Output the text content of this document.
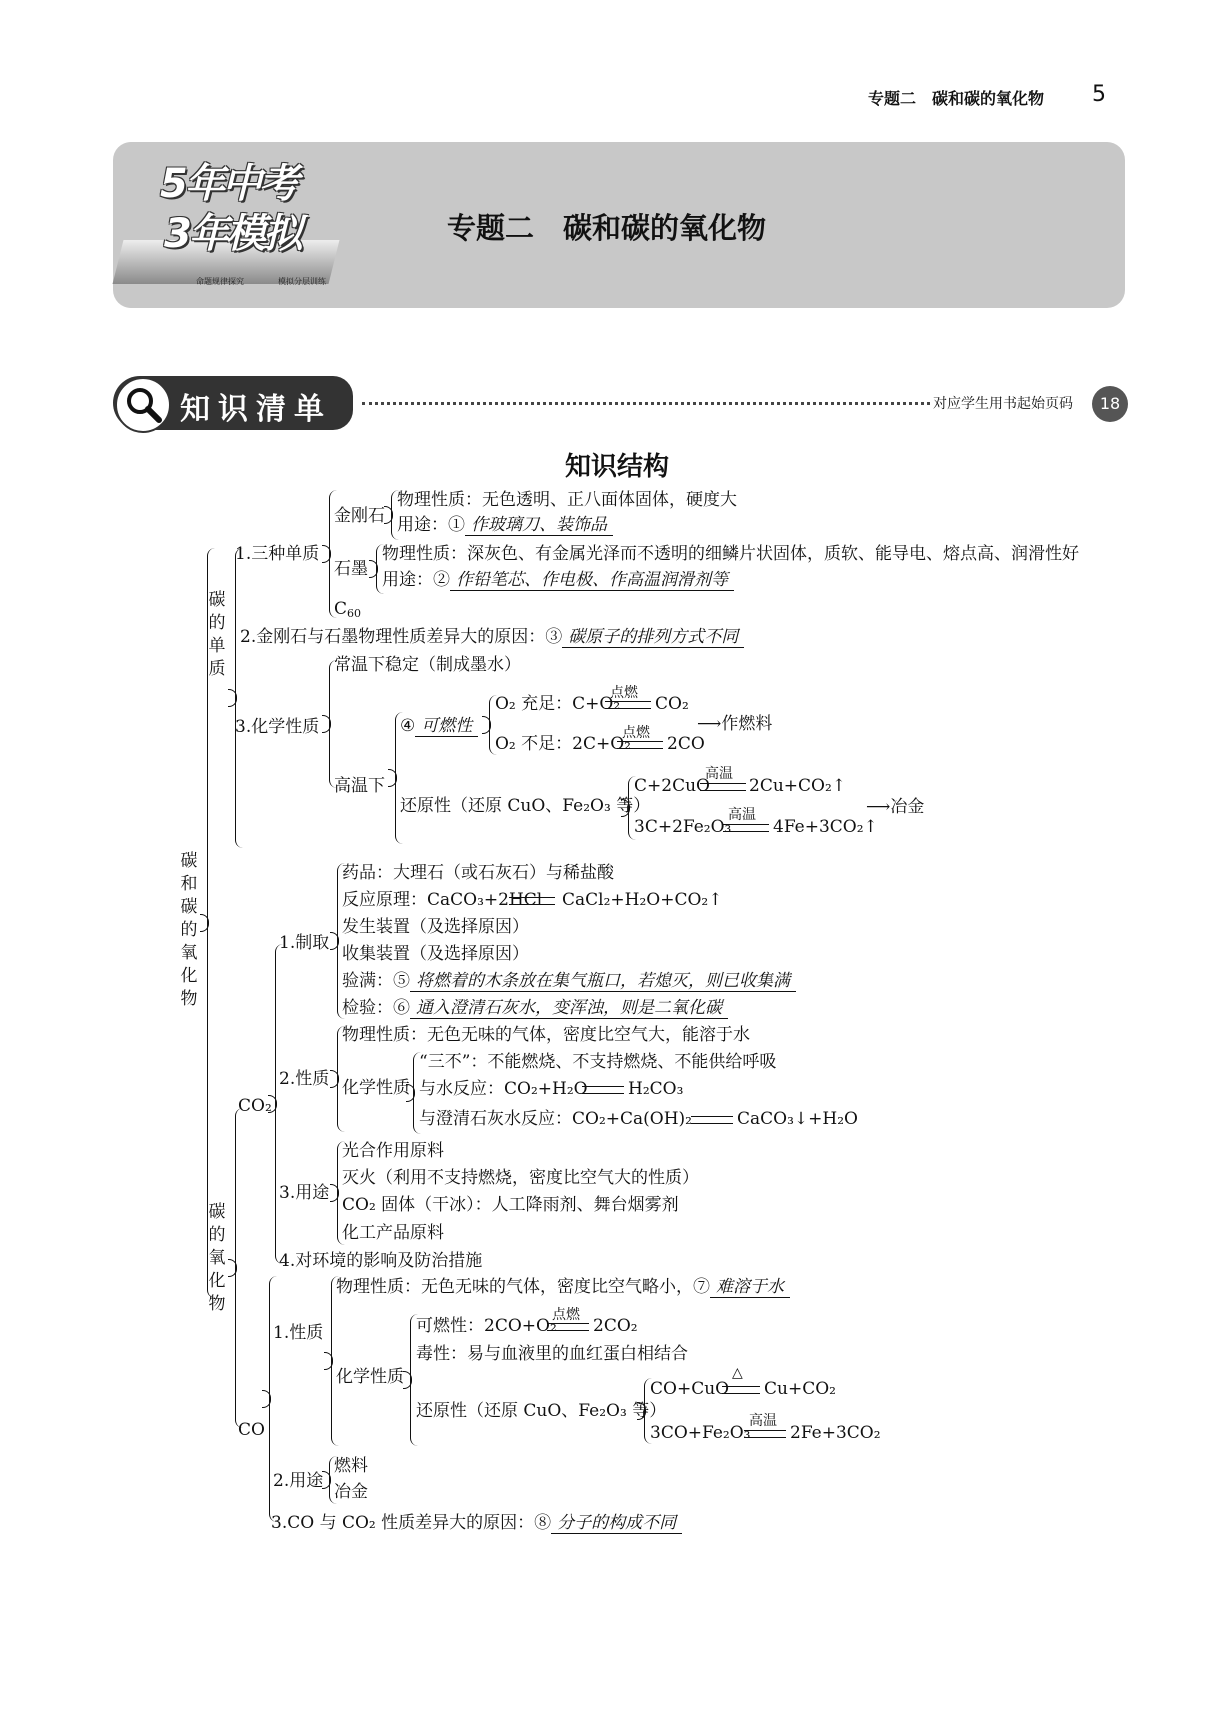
专题二　碳和碳的氧化物 5
5年中考
3年模拟
命题规律探究	模拟分层训练
专题二　碳和碳的氧化物
知识清单	对应学生用书起始页码	18
知识结构
碳和碳的氧化物
碳的单质
1.三种单质
金刚石
物理性质：无色透明、正八面体固体，硬度大
用途：① 作玻璃刀、装饰品
石墨
物理性质：深灰色、有金属光泽而不透明的细鳞片状固体，质软、能导电、熔点高、润滑性好
用途：② 作铅笔芯、作电极、作高温润滑剂等
$C_{60}$
2.金刚石与石墨物理性质差异大的原因：③ 碳原子的排列方式不同
3.化学性质
常温下稳定（制成墨水）
高温下
④ 可燃性
O₂ 充足：C+O₂
点燃
CO₂
O₂ 不足：2C+O₂
点燃
2CO
⟶作燃料
还原性（还原 CuO、Fe₂O₃ 等）
C+2CuO
高温
2Cu+CO₂↑
3C+2Fe₂O₃
高温
4Fe+3CO₂↑
⟶冶金
碳的氧化物
CO₂
1.制取
药品：大理石（或石灰石）与稀盐酸
反应原理：CaCO₃+2HCl CaCl₂+H₂O+CO₂↑
发生装置（及选择原因）
收集装置（及选择原因）
验满：⑤ 将燃着的木条放在集气瓶口，若熄灭，则已收集满
检验：⑥ 通入澄清石灰水，变浑浊，则是二氧化碳
2.性质
物理性质：无色无味的气体，密度比空气大，能溶于水
化学性质
“三不”：不能燃烧、不支持燃烧、不能供给呼吸
与水反应：CO₂+H₂O H₂CO₃
与澄清石灰水反应：CO₂+Ca(OH)₂	CaCO₃↓+H₂O
3.用途
光合作用原料
灭火（利用不支持燃烧，密度比空气大的性质）
CO₂ 固体（干冰）：人工降雨剂、舞台烟雾剂
化工产品原料
4.对环境的影响及防治措施
CO
1.性质
物理性质：无色无味的气体，密度比空气略小，⑦ 难溶于水
化学性质
可燃性：2CO+O₂
点燃
2CO₂
毒性：易与血液里的血红蛋白相结合
还原性（还原 CuO、Fe₂O₃ 等）
CO+CuO
△
Cu+CO₂
3CO+Fe₂O₃
高温
2Fe+3CO₂
2.用途
燃料
冶金
3.CO 与 CO₂ 性质差异大的原因：⑧ 分子的构成不同
